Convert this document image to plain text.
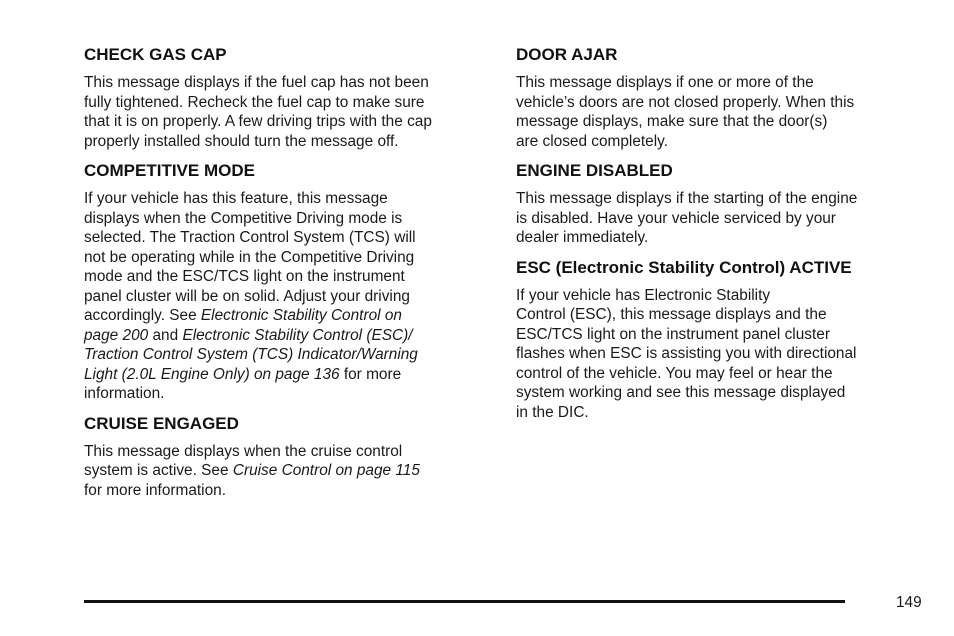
CHECK GAS CAP

This message displays if the fuel cap has not been
fully tightened. Recheck the fuel cap to make sure
that it is on properly. A few driving trips with the cap
properly installed should turn the message off.

COMPETITIVE MODE

If your vehicle has this feature, this message
displays when the Competitive Driving mode is
selected. The Traction Control System (TCS) will
not be operating while in the Competitive Driving
mode and the ESC/TCS light on the instrument
panel cluster will be on solid. Adjust your driving
accordingly. See Electronic Stability Control on
page 200 and Electronic Stability Control (ESC)/
Traction Control System (TCS) Indicator/Warning
Light (2.0L Engine Only) on page 136 for more
information.

CRUISE ENGAGED

This message displays when the cruise control
system is active. See Cruise Control on page 115
for more information.

DOOR AJAR

This message displays if one or more of the
vehicle’s doors are not closed properly. When this
message displays, make sure that the door(s)
are closed completely.

ENGINE DISABLED

This message displays if the starting of the engine
is disabled. Have your vehicle serviced by your
dealer immediately.

ESC (Electronic Stability Control) ACTIVE

If your vehicle has Electronic Stability
Control (ESC), this message displays and the
ESC/TCS light on the instrument panel cluster
flashes when ESC is assisting you with directional
control of the vehicle. You may feel or hear the
system working and see this message displayed
in the DIC.

149
